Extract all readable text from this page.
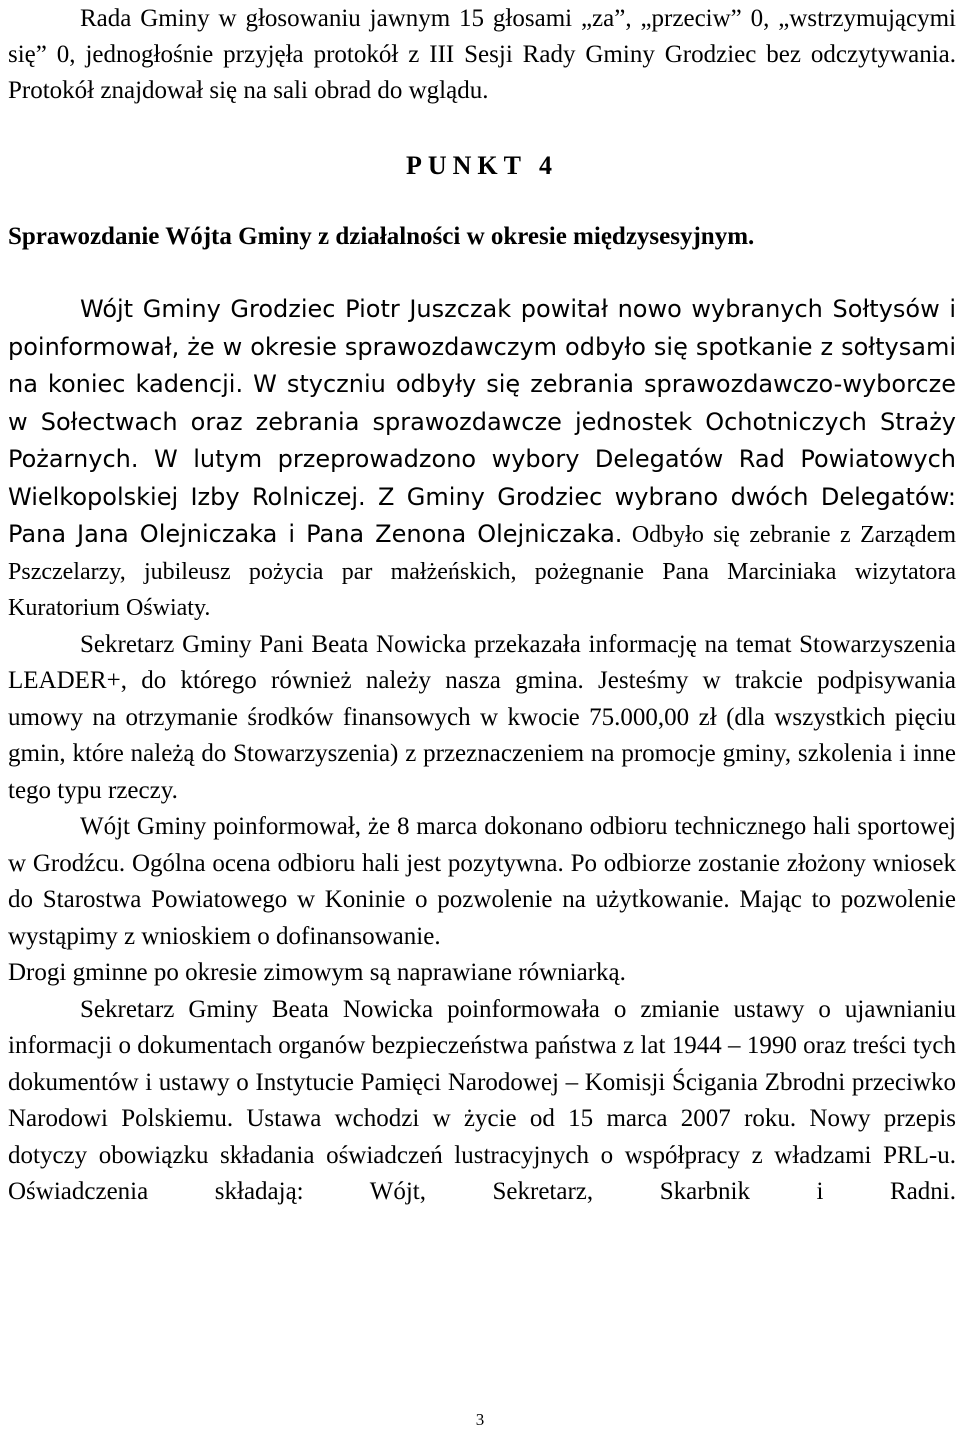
Rada Gminy w głosowaniu jawnym 15 głosami „za”, „przeciw” 0, „wstrzymującymi się” 0, jednogłośnie przyjęła protokół z III Sesji Rady Gminy Grodziec bez odczytywania. Protokół znajdował się na sali obrad do wglądu.

PUNKT 4

Sprawozdanie Wójta Gminy z działalności w okresie międzysesyjnym.

Wójt Gminy Grodziec Piotr Juszczak powitał nowo wybranych Sołtysów i poinformował, że w okresie sprawozdawczym odbyło się spotkanie z sołtysami na koniec kadencji. W styczniu odbyły się zebrania sprawozdawczo-wyborcze w Sołectwach oraz zebrania sprawozdawcze jednostek Ochotniczych Straży Pożarnych. W lutym przeprowadzono wybory Delegatów Rad Powiatowych Wielkopolskiej Izby Rolniczej. Z Gminy Grodziec wybrano dwóch Delegatów: Pana Jana Olejniczaka i Pana Zenona Olejniczaka. Odbyło się zebranie z Zarządem Pszczelarzy, jubileusz pożycia par małżeńskich, pożegnanie Pana Marciniaka wizytatora Kuratorium Oświaty.

Sekretarz Gminy Pani Beata Nowicka przekazała informację na temat Stowarzyszenia LEADER+, do którego również należy nasza gmina. Jesteśmy w trakcie podpisywania umowy na otrzymanie środków finansowych w kwocie 75.000,00 zł (dla wszystkich pięciu gmin, które należą do Stowarzyszenia) z przeznaczeniem na promocje gminy, szkolenia i inne tego typu rzeczy.

Wójt Gminy poinformował, że 8 marca dokonano odbioru technicznego hali sportowej w Grodźcu. Ogólna ocena odbioru hali jest pozytywna. Po odbiorze zostanie złożony wniosek do Starostwa Powiatowego w Koninie o pozwolenie na użytkowanie. Mając to pozwolenie wystąpimy z wnioskiem o dofinansowanie.

Drogi gminne po okresie zimowym są naprawiane równiarką.

Sekretarz Gminy Beata Nowicka poinformowała o zmianie ustawy o ujawnianiu informacji o dokumentach organów bezpieczeństwa państwa z lat 1944 – 1990 oraz treści tych dokumentów i ustawy o Instytucie Pamięci Narodowej – Komisji Ścigania Zbrodni przeciwko Narodowi Polskiemu. Ustawa wchodzi w życie od 15 marca 2007 roku. Nowy przepis dotyczy obowiązku składania oświadczeń lustracyjnych o współpracy z władzami PRL-u. Oświadczenia składają: Wójt, Sekretarz, Skarbnik i Radni.

3
